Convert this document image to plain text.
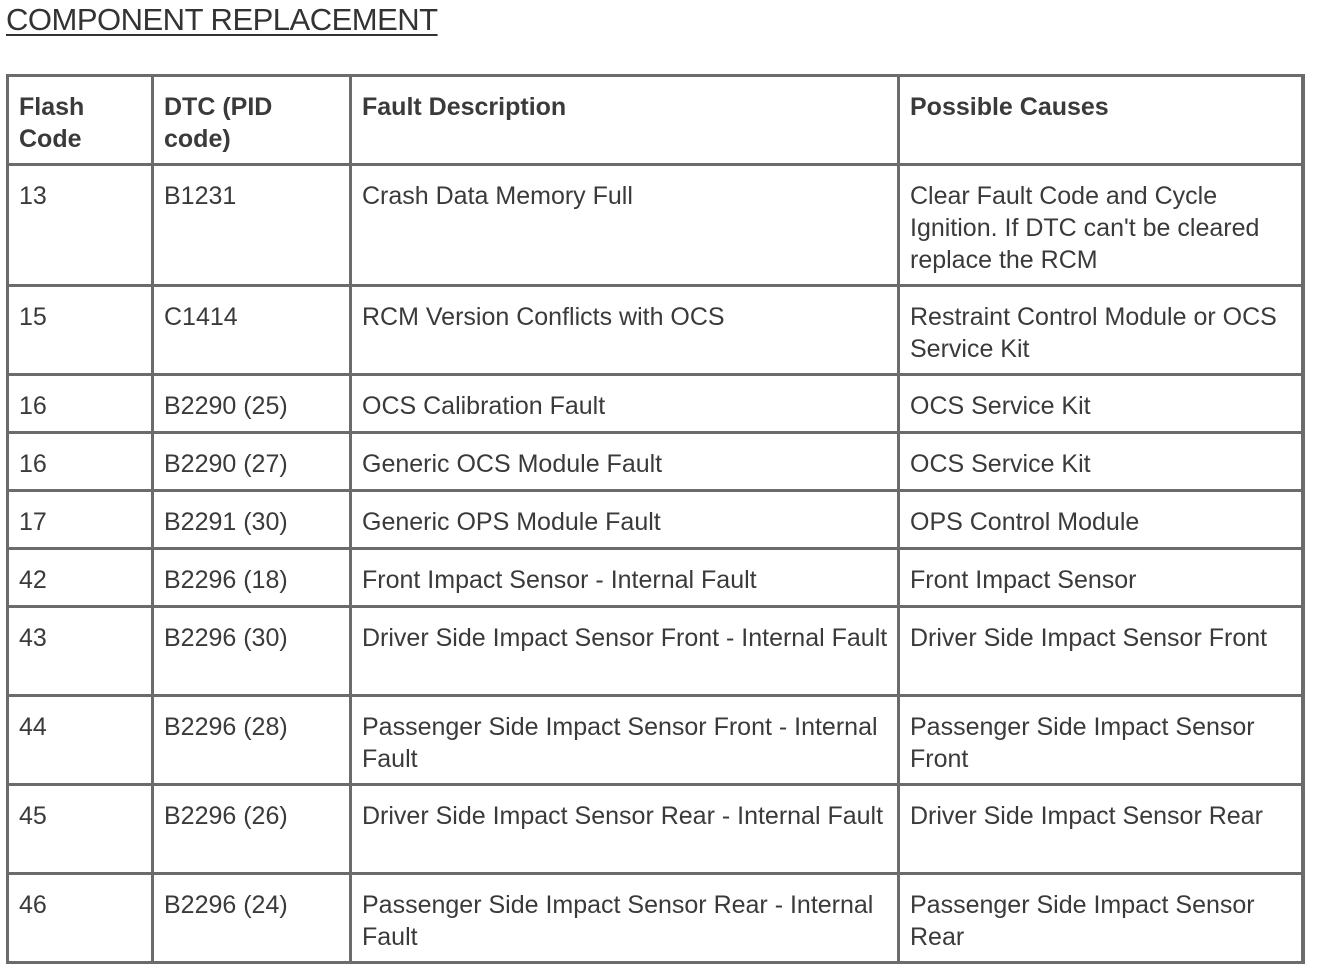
COMPONENT REPLACEMENT
Flash Code	DTC (PID code)	Fault Description	Possible Causes
13	B1231	Crash Data Memory Full	Clear Fault Code and Cycle Ignition. If DTC can't be cleared replace the RCM
15	C1414	RCM Version Conflicts with OCS	Restraint Control Module or OCS Service Kit
16	B2290 (25)	OCS Calibration Fault	OCS Service Kit
16	B2290 (27)	Generic OCS Module Fault	OCS Service Kit
17	B2291 (30)	Generic OPS Module Fault	OPS Control Module
42	B2296 (18)	Front Impact Sensor - Internal Fault	Front Impact Sensor
43	B2296 (30)	Driver Side Impact Sensor Front - Internal Fault	Driver Side Impact Sensor Front
44	B2296 (28)	Passenger Side Impact Sensor Front - Internal Fault	Passenger Side Impact Sensor Front
45	B2296 (26)	Driver Side Impact Sensor Rear - Internal Fault	Driver Side Impact Sensor Rear
46	B2296 (24)	Passenger Side Impact Sensor Rear - Internal Fault	Passenger Side Impact Sensor Rear
